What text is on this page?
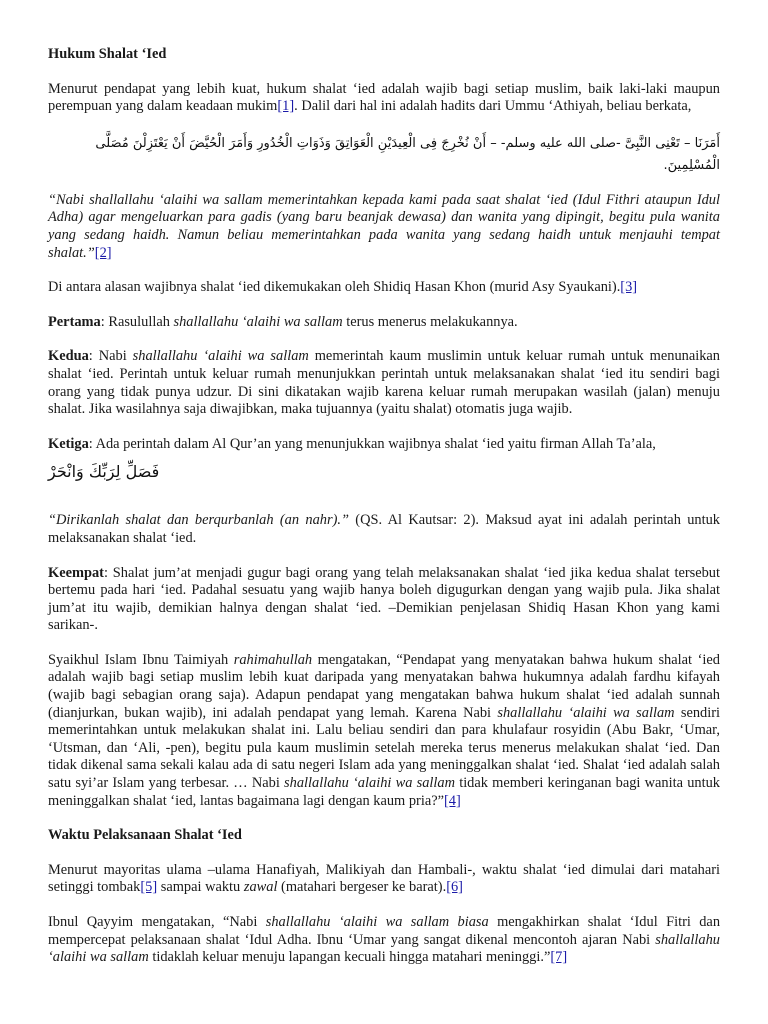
Hukum Shalat ‘Ied

Menurut pendapat yang lebih kuat, hukum shalat ‘ied adalah wajib bagi setiap muslim, baik laki-laki maupun perempuan yang dalam keadaan mukim[1]. Dalil dari hal ini adalah hadits dari Ummu ‘Athiyah, beliau berkata,

أَمَرَنَا – تَعْنِى النَّبِىَّ -صلى الله عليه وسلم- – أَنْ نُخْرِجَ فِى الْعِيدَيْنِ الْعَوَاتِقَ وَذَوَاتِ الْخُدُورِ وَأَمَرَ الْحُيَّضَ أَنْ يَعْتَزِلْنَ مُصَلَّى الْمُسْلِمِينَ.

“Nabi shallallahu ‘alaihi wa sallam memerintahkan kepada kami pada saat shalat ‘ied (Idul Fithri ataupun Idul Adha) agar mengeluarkan para gadis (yang baru beanjak dewasa) dan wanita yang dipingit, begitu pula wanita yang sedang haidh. Namun beliau memerintahkan pada wanita yang sedang haidh untuk menjauhi tempat shalat.”[2]

Di antara alasan wajibnya shalat ‘ied dikemukakan oleh Shidiq Hasan Khon (murid Asy Syaukani).[3]

Pertama: Rasulullah shallallahu ‘alaihi wa sallam terus menerus melakukannya.

Kedua: Nabi shallallahu ‘alaihi wa sallam memerintah kaum muslimin untuk keluar rumah untuk menunaikan shalat ‘ied. Perintah untuk keluar rumah menunjukkan perintah untuk melaksanakan shalat ‘ied itu sendiri bagi orang yang tidak punya udzur. Di sini dikatakan wajib karena keluar rumah merupakan wasilah (jalan) menuju shalat. Jika wasilahnya saja diwajibkan, maka tujuannya (yaitu shalat) otomatis juga wajib.

Ketiga: Ada perintah dalam Al Qur’an yang menunjukkan wajibnya shalat ‘ied yaitu firman Allah Ta’ala,

فَصَلِّ لِرَبِّكَ وَانْحَرْ

“Dirikanlah shalat dan berqurbanlah (an nahr).” (QS. Al Kautsar: 2). Maksud ayat ini adalah perintah untuk melaksanakan shalat ‘ied.

Keempat: Shalat jum’at menjadi gugur bagi orang yang telah melaksanakan shalat ‘ied jika kedua shalat tersebut bertemu pada hari ‘ied. Padahal sesuatu yang wajib hanya boleh digugurkan dengan yang wajib pula. Jika shalat jum’at itu wajib, demikian halnya dengan shalat ‘ied. –Demikian penjelasan Shidiq Hasan Khon yang kami sarikan-.

Syaikhul Islam Ibnu Taimiyah rahimahullah mengatakan, “Pendapat yang menyatakan bahwa hukum shalat ‘ied adalah wajib bagi setiap muslim lebih kuat daripada yang menyatakan bahwa hukumnya adalah fardhu kifayah (wajib bagi sebagian orang saja). Adapun pendapat yang mengatakan bahwa hukum shalat ‘ied adalah sunnah (dianjurkan, bukan wajib), ini adalah pendapat yang lemah. Karena Nabi shallallahu ‘alaihi wa sallam sendiri memerintahkan untuk melakukan shalat ini. Lalu beliau sendiri dan para khulafaur rosyidin (Abu Bakr, ‘Umar, ‘Utsman, dan ‘Ali, -pen), begitu pula kaum muslimin setelah mereka terus menerus melakukan shalat ‘ied. Dan tidak dikenal sama sekali kalau ada di satu negeri Islam ada yang meninggalkan shalat ‘ied. Shalat ‘ied adalah salah satu syi’ar Islam yang terbesar. … Nabi shallallahu ‘alaihi wa sallam tidak memberi keringanan bagi wanita untuk meninggalkan shalat ‘ied, lantas bagaimana lagi dengan kaum pria?”[4]

Waktu Pelaksanaan Shalat ‘Ied

Menurut mayoritas ulama –ulama Hanafiyah, Malikiyah dan Hambali-, waktu shalat ‘ied dimulai dari matahari setinggi tombak[5] sampai waktu zawal (matahari bergeser ke barat).[6]

Ibnul Qayyim mengatakan, “Nabi shallallahu ‘alaihi wa sallam biasa mengakhirkan shalat ‘Idul Fitri dan mempercepat pelaksanaan shalat ‘Idul Adha. Ibnu ‘Umar yang sangat dikenal mencontoh ajaran Nabi shallallahu ‘alaihi wa sallam tidaklah keluar menuju lapangan kecuali hingga matahari meninggi.”[7]
